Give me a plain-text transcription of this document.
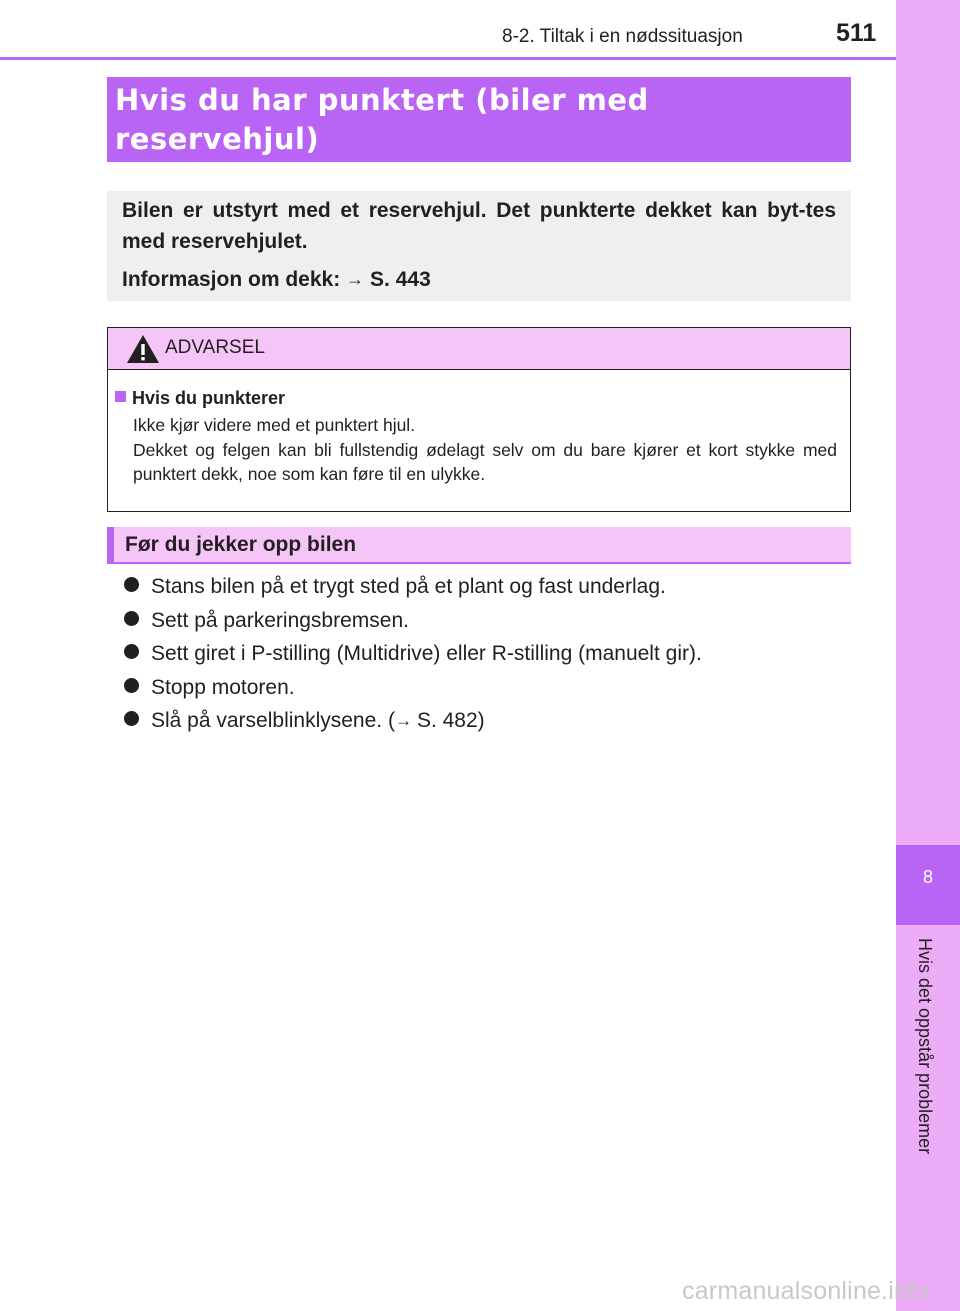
8-2. Tiltak i en nødssituasjon	511
8
Hvis det oppstår problemer
Hvis du har punktert (biler med
reservehjul)
Bilen er utstyrt med et reservehjul. Det punkterte dekket kan byt-tes med reservehjulet.
Informasjon om dekk: → S. 443
ADVARSEL
Hvis du punkterer
Ikke kjør videre med et punktert hjul.
Dekket og felgen kan bli fullstendig ødelagt selv om du bare kjører et kort stykke med punktert dekk, noe som kan føre til en ulykke.
Før du jekker opp bilen
Stans bilen på et trygt sted på et plant og fast underlag.
Sett på parkeringsbremsen.
Sett giret i P-stilling (Multidrive) eller R-stilling (manuelt gir).
Stopp motoren.
Slå på varselblinklysene. (→ S. 482)
carmanualsonline.info
